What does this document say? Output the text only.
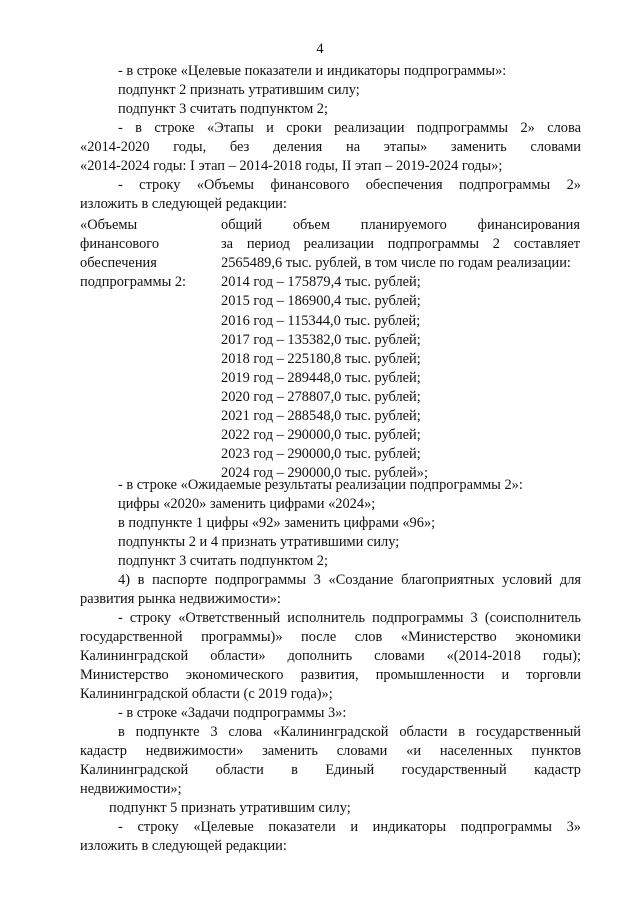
4
- в строке «Целевые показатели и индикаторы подпрограммы»:
подпункт 2 признать утратившим силу;
подпункт 3 считать подпунктом 2;
- в строке «Этапы и сроки реализации подпрограммы 2» слова
«2014-2020 годы, без деления на этапы» заменить словами
«2014-2024 годы: I этап – 2014-2018 годы, II этап – 2019-2024 годы»;
- строку «Объемы финансового обеспечения подпрограммы 2»
изложить в следующей редакции:
«Объемы
финансового
обеспечения
подпрограммы 2:
общий объем планируемого финансирования
за период реализации подпрограммы 2 составляет
2565489,6 тыс. рублей, в том числе по годам реализации:
2014 год – 175879,4 тыс. рублей;
2015 год – 186900,4 тыс. рублей;
2016 год – 115344,0 тыс. рублей;
2017 год – 135382,0 тыс. рублей;
2018 год – 225180,8 тыс. рублей;
2019 год – 289448,0 тыс. рублей;
2020 год – 278807,0 тыс. рублей;
2021 год – 288548,0 тыс. рублей;
2022 год – 290000,0 тыс. рублей;
2023 год – 290000,0 тыс. рублей;
2024 год – 290000,0 тыс. рублей»;
- в строке «Ожидаемые результаты реализации подпрограммы 2»:
цифры «2020» заменить цифрами «2024»;
в подпункте 1 цифры «92» заменить цифрами «96»;
подпункты 2 и 4 признать утратившими силу;
подпункт 3 считать подпунктом 2;
4) в паспорте подпрограммы 3 «Создание благоприятных условий для
развития рынка недвижимости»:
- строку «Ответственный исполнитель подпрограммы 3 (соисполнитель
государственной программы)» после слов «Министерство экономики
Калининградской области» дополнить словами «(2014-2018 годы);
Министерство экономического развития, промышленности и торговли
Калининградской области (с 2019 года)»;
- в строке «Задачи подпрограммы 3»:
в подпункте 3 слова «Калининградской области в государственный
кадастр недвижимости» заменить словами «и населенных пунктов
Калининградской области в Единый государственный кадастр
недвижимости»;
подпункт 5 признать утратившим силу;
- строку «Целевые показатели и индикаторы подпрограммы 3»
изложить в следующей редакции:
